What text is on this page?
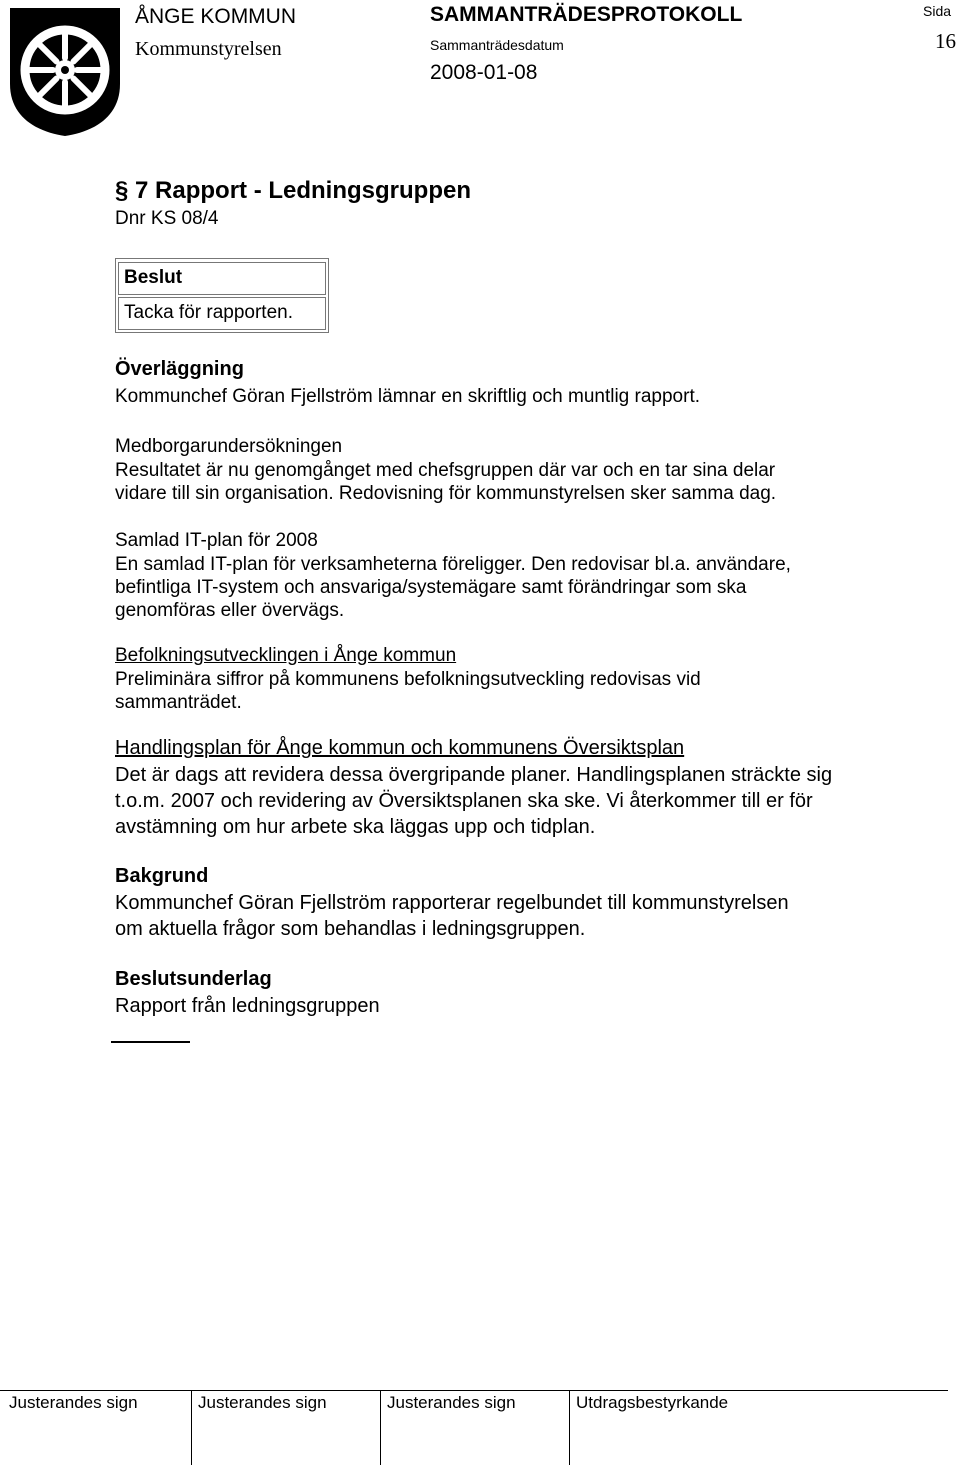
ÅNGE KOMMUN
Kommunstyrelsen
SAMMANTRÄDESPROTOKOLL
Sammanträdesdatum
2008-01-08
Sida
16
§ 7 Rapport - Ledningsgruppen
Dnr KS 08/4
Beslut
Tacka för rapporten.
Överläggning
Kommunchef Göran Fjellström lämnar en skriftlig och muntlig rapport.
Medborgarundersökningen
Resultatet är nu genomgånget med chefsgruppen där var och en tar sina delar
vidare till sin organisation. Redovisning för kommunstyrelsen sker samma dag.
Samlad IT-plan för 2008
En samlad IT-plan för verksamheterna föreligger. Den redovisar bl.a. användare,
befintliga IT-system och ansvariga/systemägare samt förändringar som ska
genomföras eller övervägs.
Befolkningsutvecklingen i Ånge kommun
Preliminära siffror på kommunens befolkningsutveckling redovisas vid
sammanträdet.
Handlingsplan för Ånge kommun och kommunens Översiktsplan
Det är dags att revidera dessa övergripande planer. Handlingsplanen sträckte sig
t.o.m. 2007 och revidering av Översiktsplanen ska ske. Vi återkommer till er för
avstämning om hur arbete ska läggas upp och tidplan.
Bakgrund
Kommunchef Göran Fjellström rapporterar regelbundet till kommunstyrelsen
om aktuella frågor som behandlas i ledningsgruppen.
Beslutsunderlag
Rapport från ledningsgruppen
Justerandes sign	Justerandes sign	Justerandes sign	Utdragsbestyrkande
